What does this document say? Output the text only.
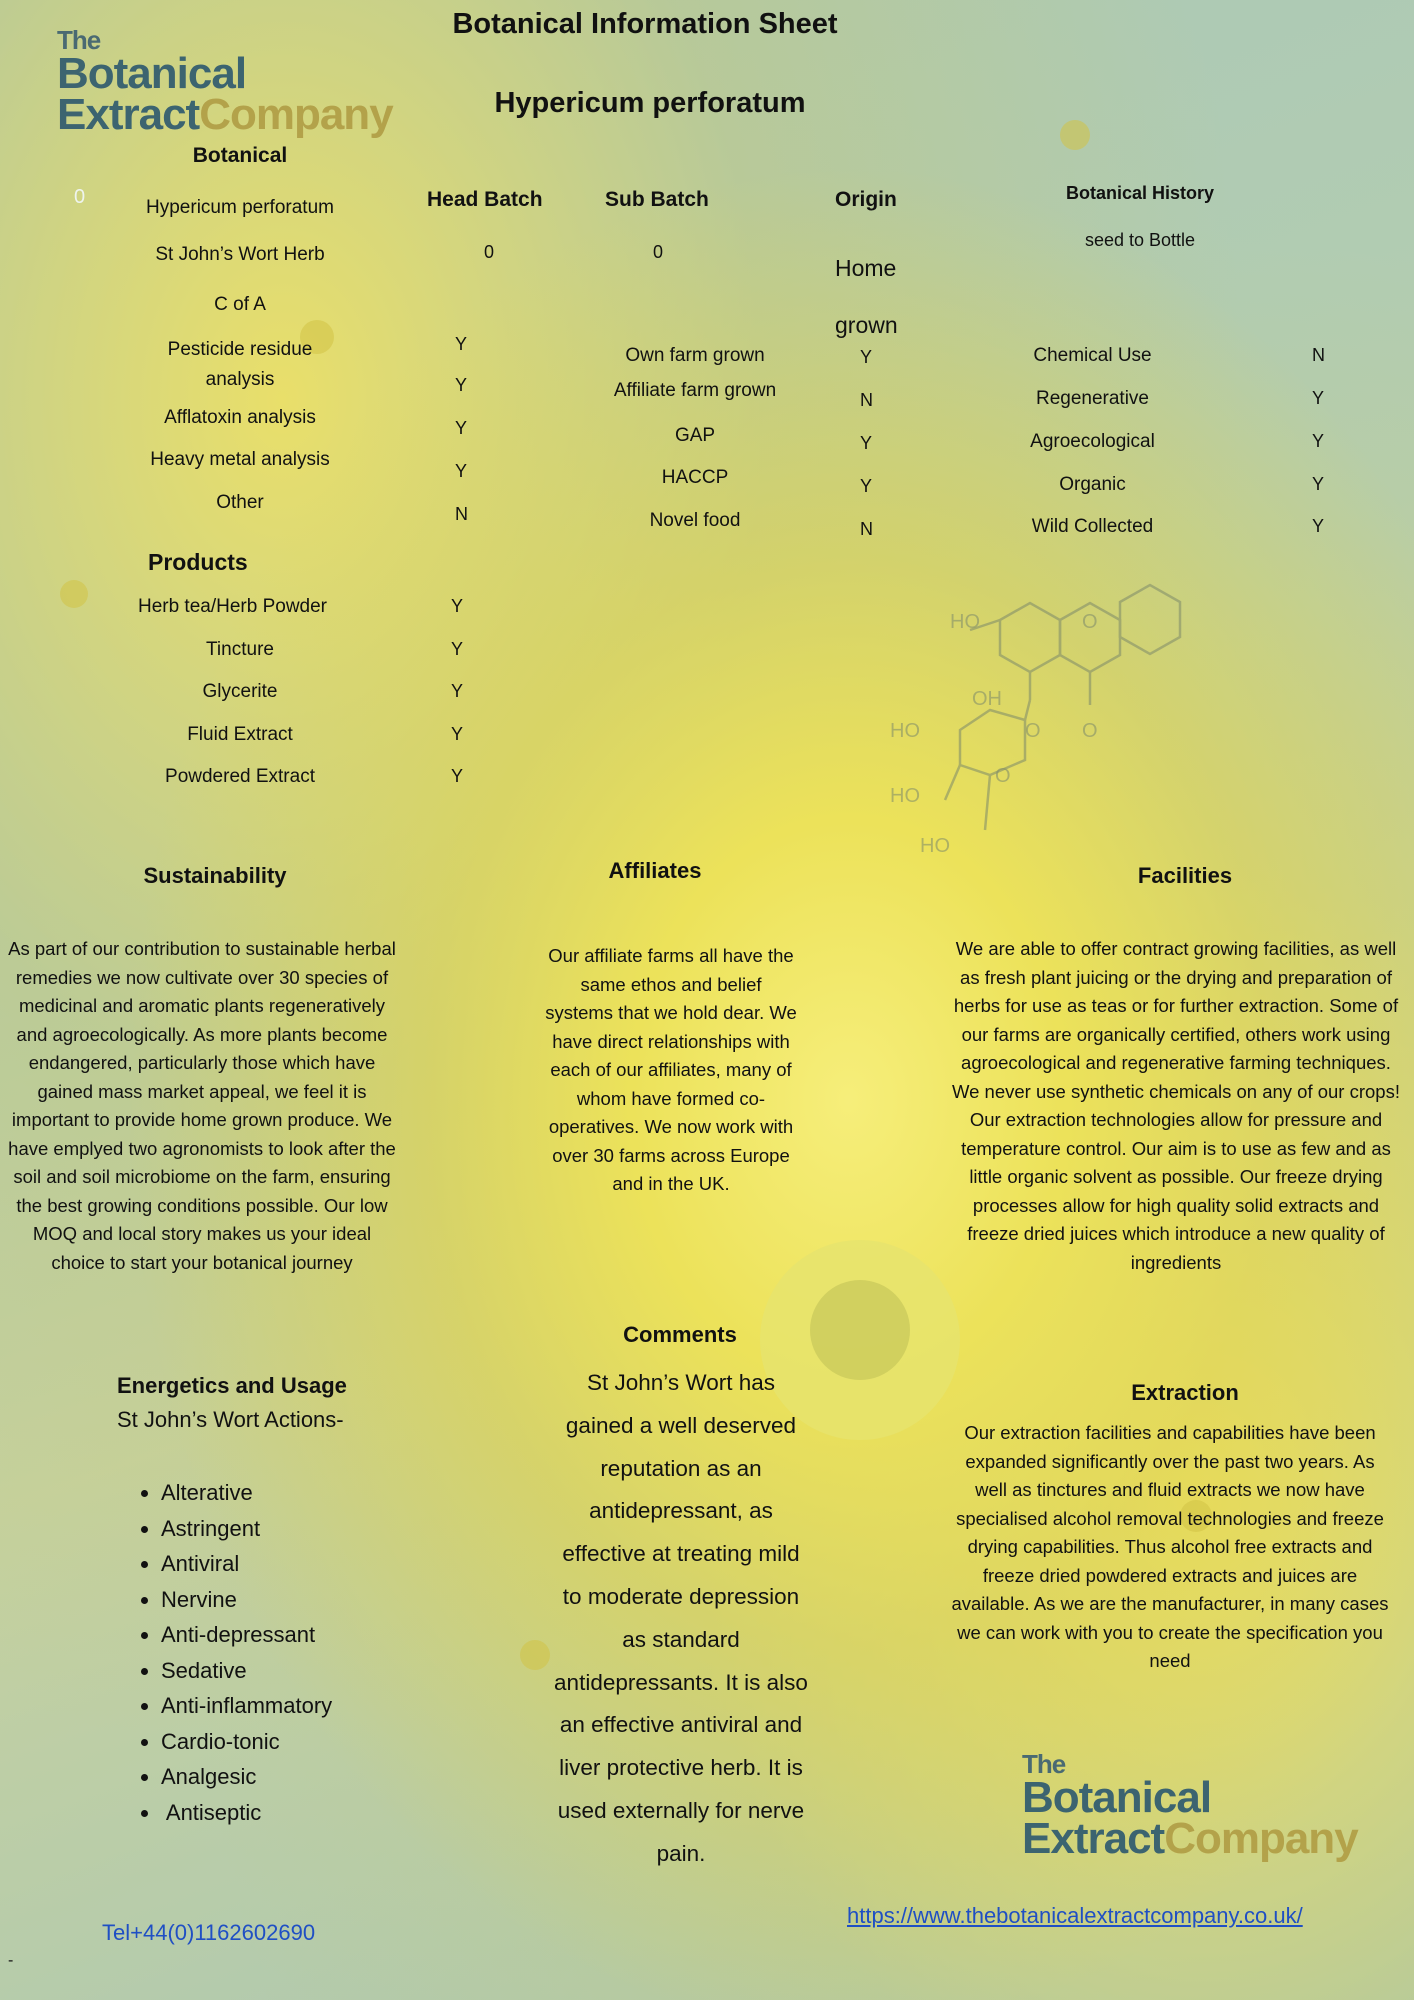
The
Botanical
ExtractCompany
Botanical Information Sheet
Hypericum perforatum
0
Botanical
Hypericum perforatum
St John’s Wort Herb
C of A
Pesticide residue analysis
Afflatoxin analysis
Heavy metal analysis
Other
Y
Y
Y
Y
N
Head Batch
0
Sub Batch
0
Origin
Home
grown
Own farm grown
Affiliate farm grown
GAP
HACCP
Novel food
Y
N
Y
Y
N
Botanical History
seed to Bottle
Chemical Use
Regenerative
Agroecological
Organic
Wild Collected
N
Y
Y
Y
Y
Products
Herb tea/Herb Powder
Tincture
Glycerite
Fluid Extract
Powdered Extract
Y
Y
Y
Y
Y
HO
OH
HO
HO
HO
O
O
O
O
Sustainability
As part of our contribution to sustainable herbal remedies we now cultivate over 30 species of medicinal and aromatic plants regeneratively and agroecologically. As more plants become endangered, particularly those which have gained mass market appeal, we feel it is important to provide home grown produce. We have emplyed two agronomists to look after the soil and soil microbiome on the farm, ensuring the best growing conditions possible. Our low MOQ and local story makes us your ideal choice to start your botanical journey
Affiliates
Our affiliate farms all have the same ethos and belief systems that we hold dear. We have direct relationships with each of our affiliates, many of whom have formed co-operatives. We now work with over 30 farms across Europe and in the UK.
Facilities
We are able to offer contract growing facilities, as well as fresh plant juicing or the drying and preparation of herbs for use as teas or for further extraction. Some of our farms are organically certified, others work using agroecological and regenerative farming techniques. We never use synthetic chemicals on any of our crops! Our extraction technologies allow for pressure and temperature control. Our aim is to use as few and as little organic solvent as possible. Our freeze drying processes allow for high quality solid extracts and freeze dried juices which introduce a new quality of ingredients
Energetics and Usage
St John’s Wort Actions-
• Alterative
• Astringent
• Antiviral
• Nervine
• Anti-depressant
• Sedative
• Anti-inflammatory
• Cardio-tonic
• Analgesic
•  Antiseptic
Comments
St John’s Wort has gained a well deserved reputation as an antidepressant, as effective at treating mild to moderate depression as standard antidepressants. It is also an effective antiviral and liver protective herb. It is used externally for nerve pain.
Extraction
Our extraction facilities and capabilities have been expanded significantly over the past two years. As well as tinctures and fluid extracts we now have specialised alcohol removal technologies and freeze drying capabilities. Thus alcohol free extracts and freeze dried powdered extracts and juices are available. As we are the manufacturer, in many cases we can work with you to create the specification you need
The
Botanical
ExtractCompany
Tel+44(0)1162602690
https://www.thebotanicalextractcompany.co.uk/
-
